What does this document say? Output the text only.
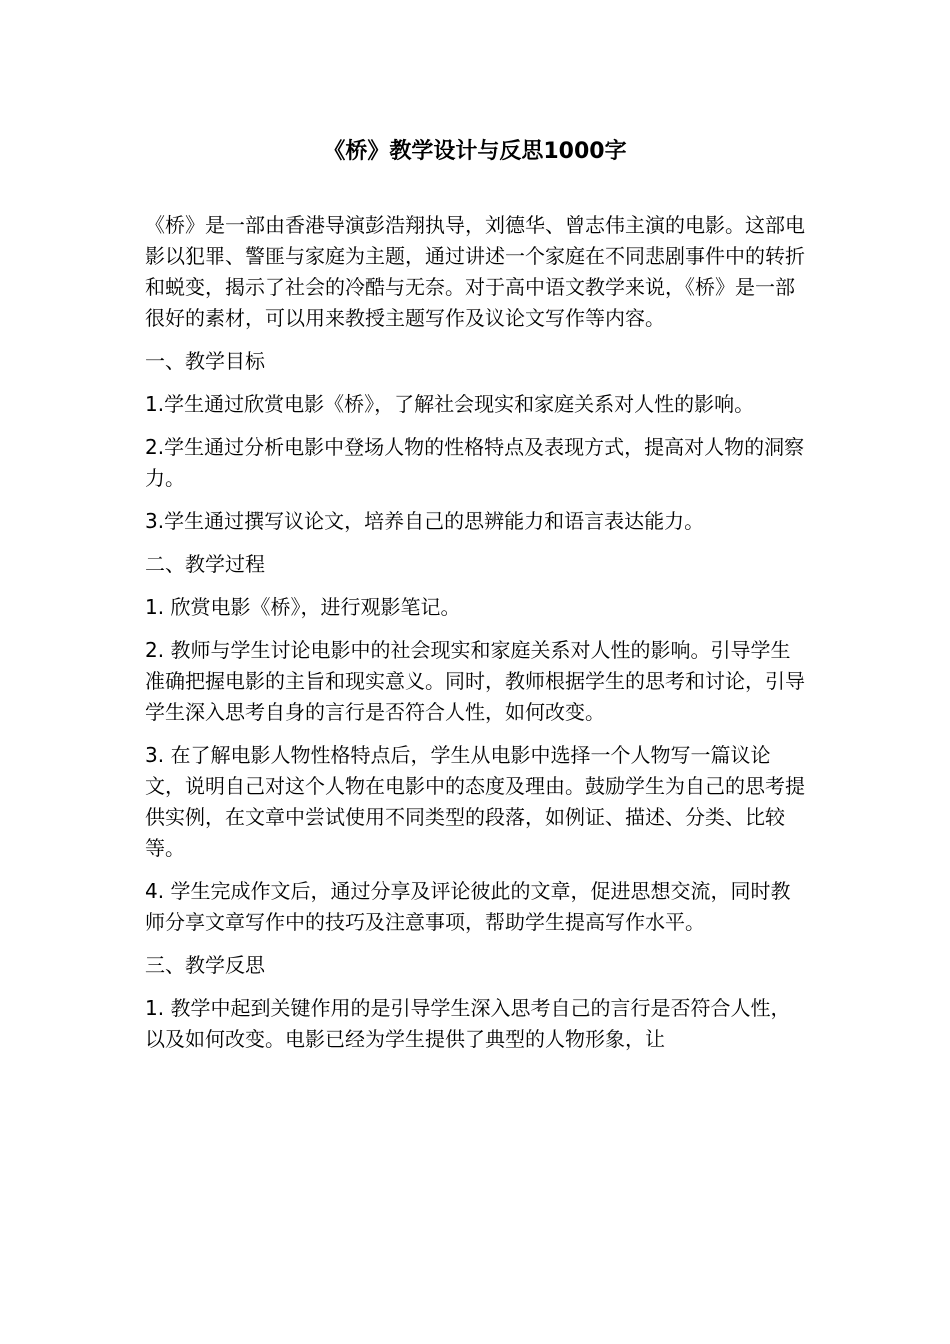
《桥》教学设计与反思1000字

《桥》是一部由香港导演彭浩翔执导，刘德华、曾志伟主演的电影。这部电影以犯罪、警匪与家庭为主题，通过讲述一个家庭在不同悲剧事件中的转折和蜕变，揭示了社会的冷酷与无奈。对于高中语文教学来说，《桥》是一部很好的素材，可以用来教授主题写作及议论文写作等内容。

一、教学目标

1.学生通过欣赏电影《桥》，了解社会现实和家庭关系对人性的影响。

2.学生通过分析电影中登场人物的性格特点及表现方式，提高对人物的洞察力。

3.学生通过撰写议论文，培养自己的思辨能力和语言表达能力。

二、教学过程

1. 欣赏电影《桥》，进行观影笔记。

2. 教师与学生讨论电影中的社会现实和家庭关系对人性的影响。引导学生准确把握电影的主旨和现实意义。同时，教师根据学生的思考和讨论，引导学生深入思考自身的言行是否符合人性，如何改变。

3. 在了解电影人物性格特点后，学生从电影中选择一个人物写一篇议论文，说明自己对这个人物在电影中的态度及理由。鼓励学生为自己的思考提供实例，在文章中尝试使用不同类型的段落，如例证、描述、分类、比较等。

4. 学生完成作文后，通过分享及评论彼此的文章，促进思想交流，同时教师分享文章写作中的技巧及注意事项，帮助学生提高写作水平。

三、教学反思

1. 教学中起到关键作用的是引导学生深入思考自己的言行是否符合人性，以及如何改变。电影已经为学生提供了典型的人物形象，让
